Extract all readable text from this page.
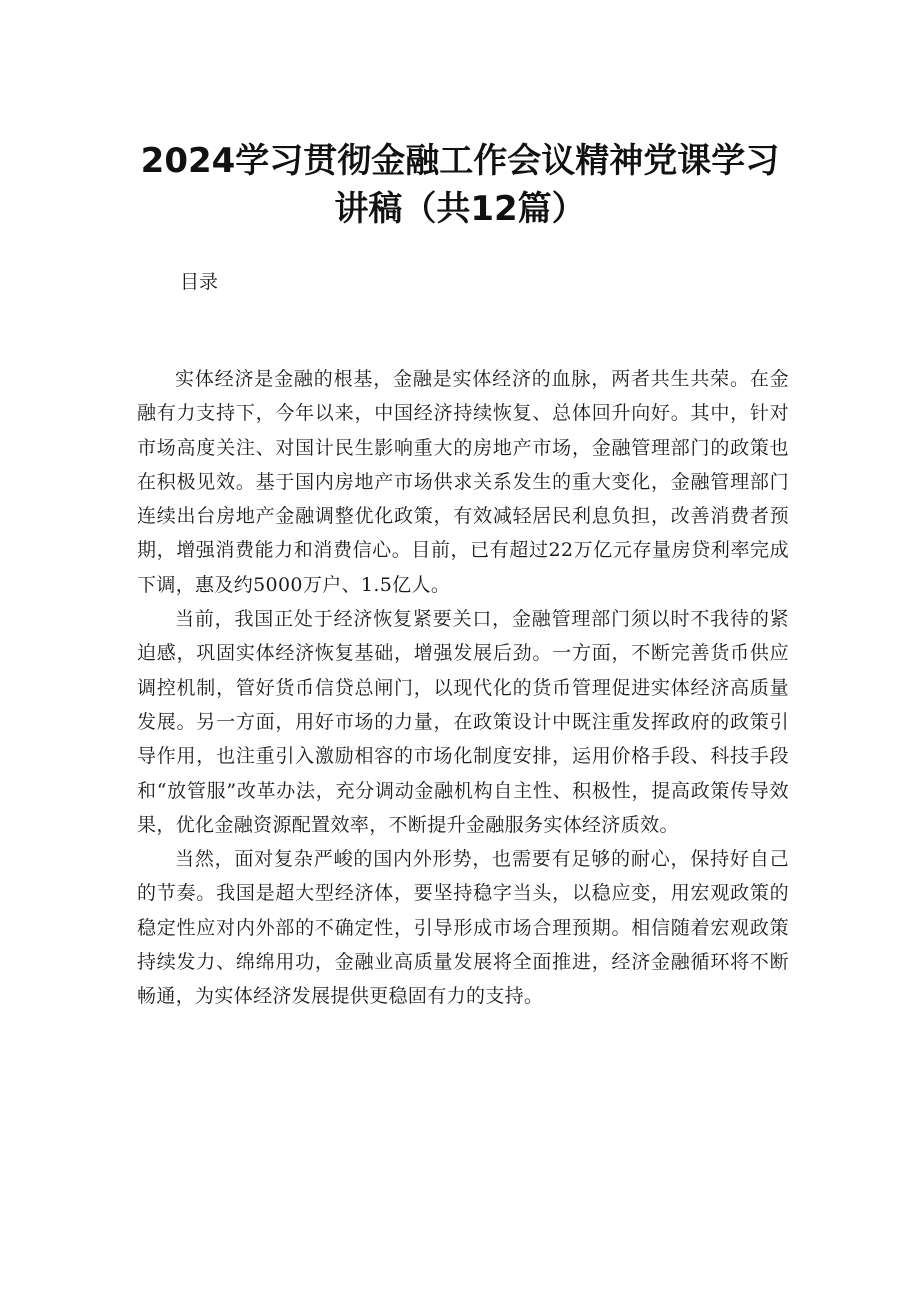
2024学习贯彻金融工作会议精神党课学习
讲稿（共12篇）

目录

实体经济是金融的根基，金融是实体经济的血脉，两者共生共荣。在金融有力支持下，今年以来，中国经济持续恢复、总体回升向好。其中，针对市场高度关注、对国计民生影响重大的房地产市场，金融管理部门的政策也在积极见效。基于国内房地产市场供求关系发生的重大变化，金融管理部门连续出台房地产金融调整优化政策，有效减轻居民利息负担，改善消费者预期，增强消费能力和消费信心。目前，已有超过22万亿元存量房贷利率完成下调，惠及约5000万户、1.5亿人。

当前，我国正处于经济恢复紧要关口，金融管理部门须以时不我待的紧迫感，巩固实体经济恢复基础，增强发展后劲。一方面，不断完善货币供应调控机制，管好货币信贷总闸门，以现代化的货币管理促进实体经济高质量发展。另一方面，用好市场的力量，在政策设计中既注重发挥政府的政策引导作用，也注重引入激励相容的市场化制度安排，运用价格手段、科技手段和“放管服”改革办法，充分调动金融机构自主性、积极性，提高政策传导效果，优化金融资源配置效率，不断提升金融服务实体经济质效。

当然，面对复杂严峻的国内外形势，也需要有足够的耐心，保持好自己的节奏。我国是超大型经济体，要坚持稳字当头，以稳应变，用宏观政策的稳定性应对内外部的不确定性，引导形成市场合理预期。相信随着宏观政策持续发力、绵绵用功，金融业高质量发展将全面推进，经济金融循环将不断畅通，为实体经济发展提供更稳固有力的支持。
